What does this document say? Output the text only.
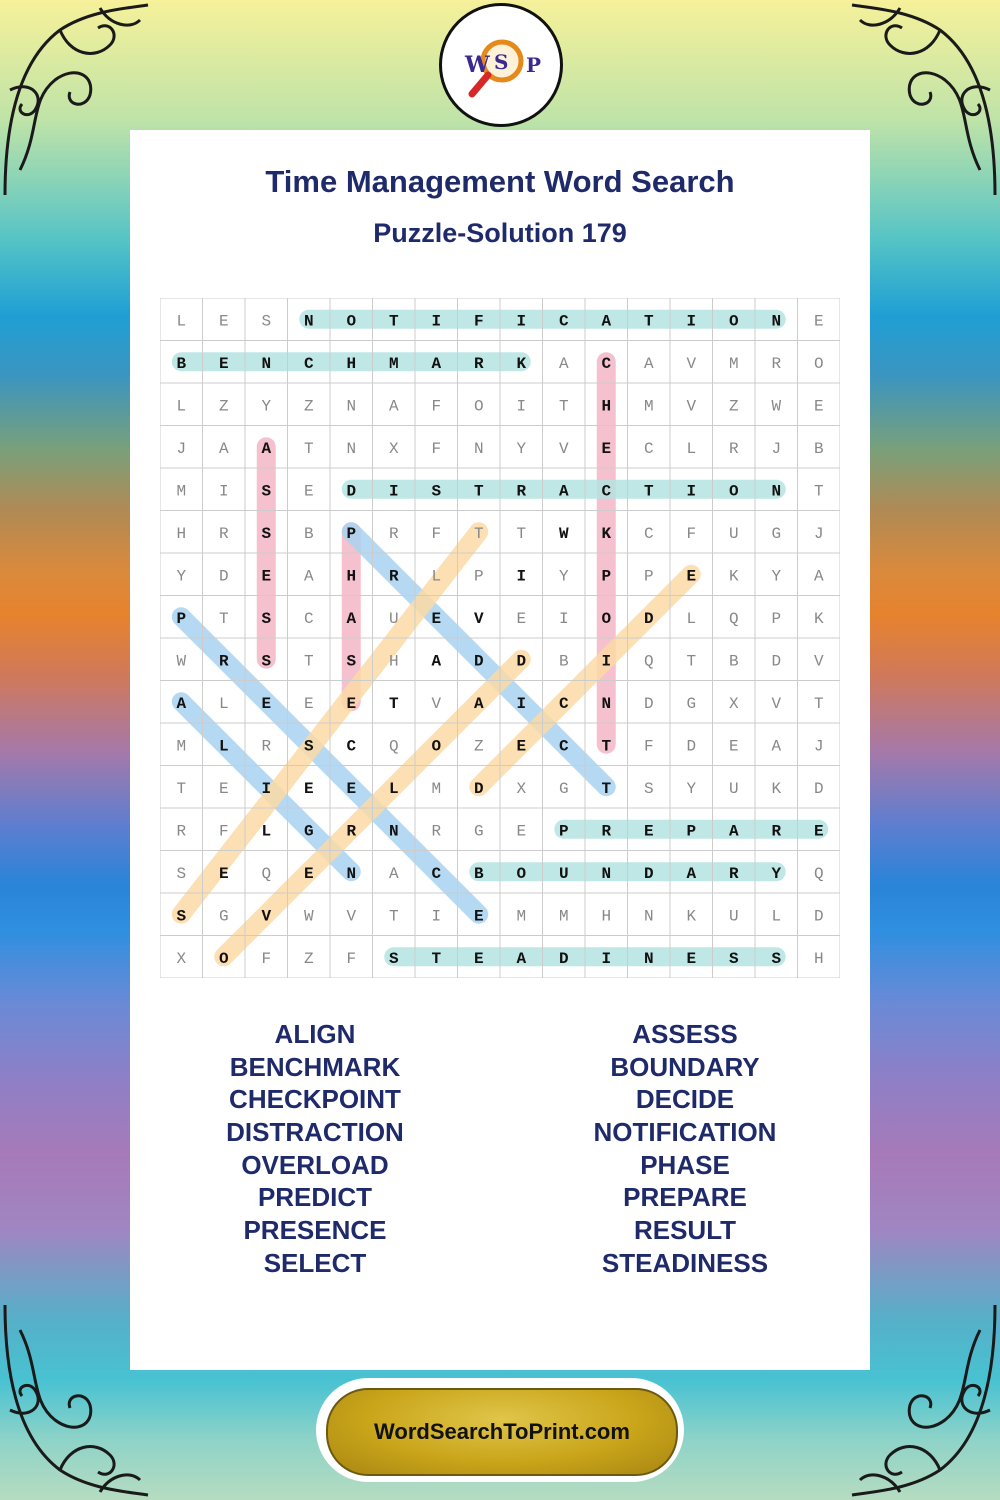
W S P
Time Management Word Search
Puzzle-Solution 179
L E S N O T I F I C A T I O N E
B E N C H M A R K A C A V M R O
L Z Y Z N A F O I T H M V Z W E
J A A T N X F N Y V E C L R J B
M I S E D I S T R A C T I O N T
H R S B P R F T T W K C F U G J
Y D E A H R L P I Y P P E K Y A
P T S C A U E V E I O D L Q P K
W R S T S H A D D B I Q T B D V
A L E E E T V A I C N D G X V T
M L R S C Q O Z E C T F D E A J
T E I E E L M D X G T S Y U K D
R F L G R N R G E P R E P A R E
S E Q E N A C B O U N D A R Y Q
S G V W V T I E M M H N K U L D
X O F Z F S T E A D I N E S S H
ALIGN
BENCHMARK
CHECKPOINT
DISTRACTION
OVERLOAD
PREDICT
PRESENCE
SELECT
ASSESS
BOUNDARY
DECIDE
NOTIFICATION
PHASE
PREPARE
RESULT
STEADINESS
WordSearchToPrint.com
